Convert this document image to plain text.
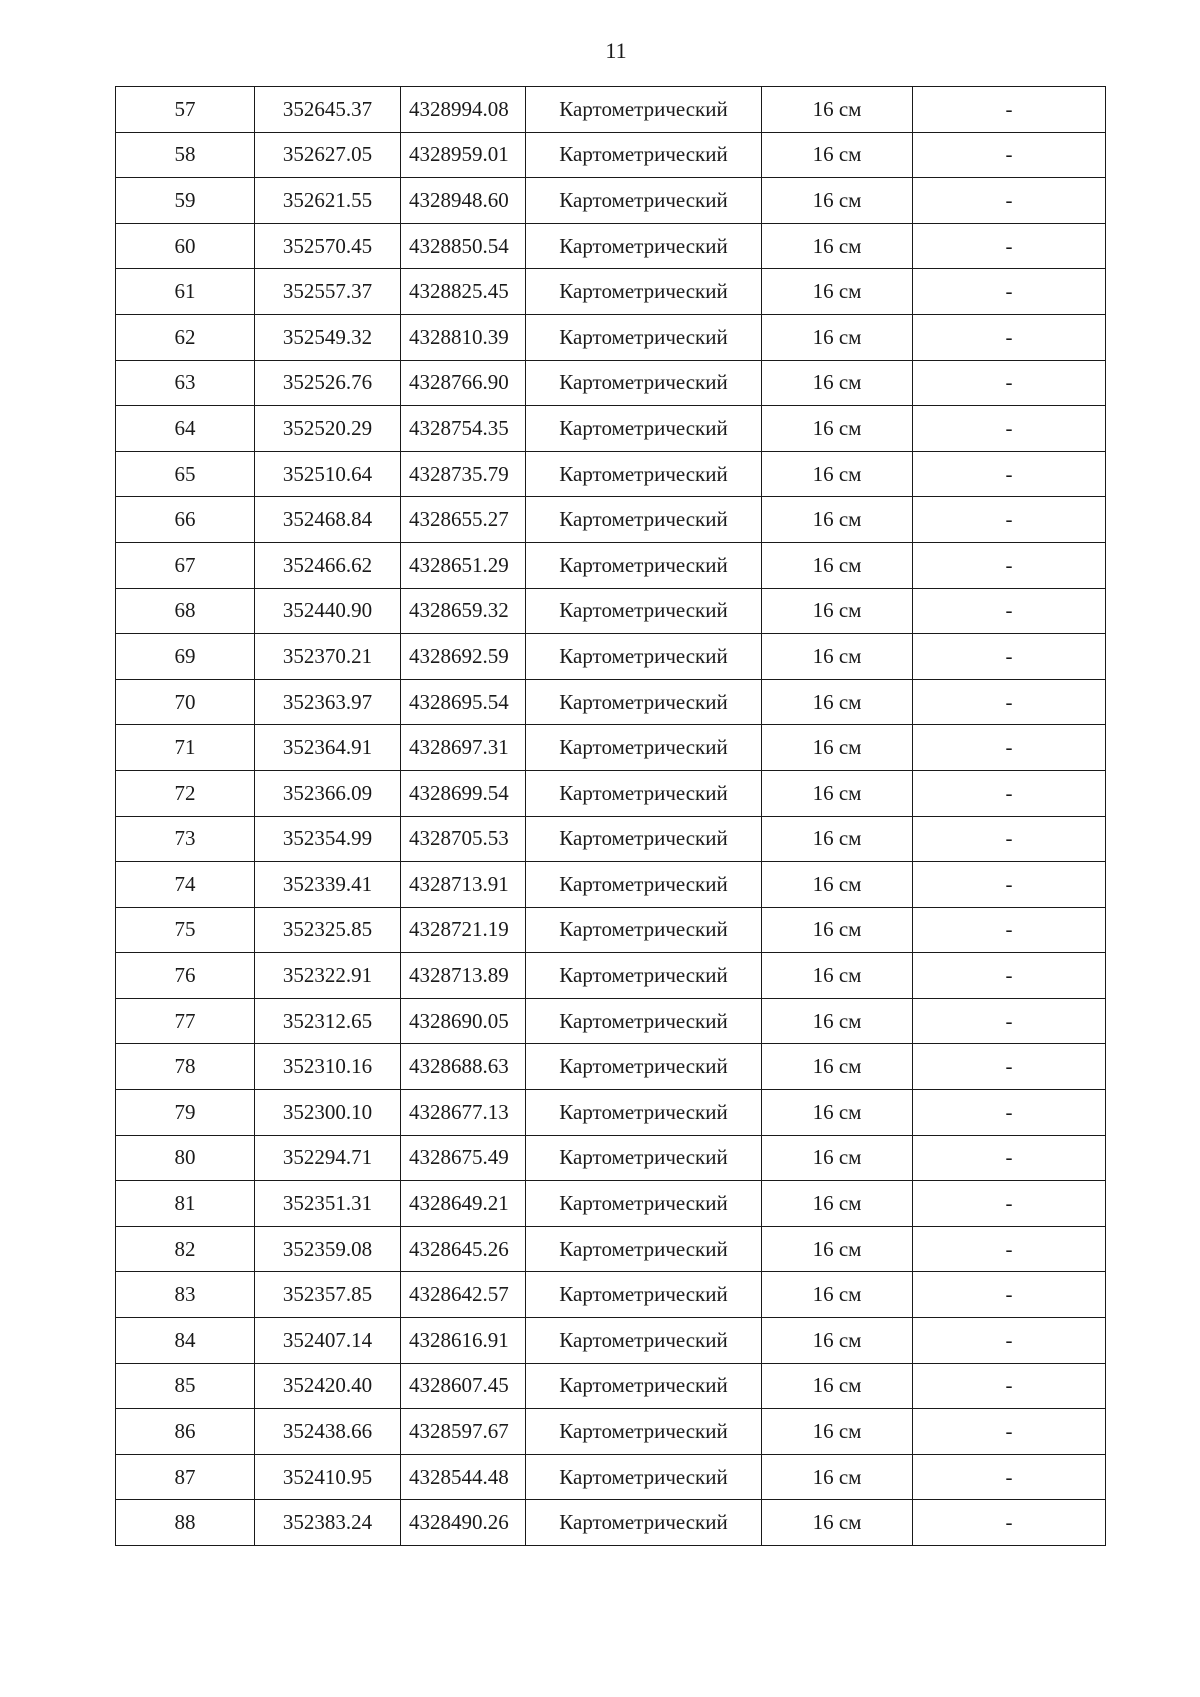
11
57	352645.37	4328994.08	Картометрический	16 см	-
58	352627.05	4328959.01	Картометрический	16 см	-
59	352621.55	4328948.60	Картометрический	16 см	-
60	352570.45	4328850.54	Картометрический	16 см	-
61	352557.37	4328825.45	Картометрический	16 см	-
62	352549.32	4328810.39	Картометрический	16 см	-
63	352526.76	4328766.90	Картометрический	16 см	-
64	352520.29	4328754.35	Картометрический	16 см	-
65	352510.64	4328735.79	Картометрический	16 см	-
66	352468.84	4328655.27	Картометрический	16 см	-
67	352466.62	4328651.29	Картометрический	16 см	-
68	352440.90	4328659.32	Картометрический	16 см	-
69	352370.21	4328692.59	Картометрический	16 см	-
70	352363.97	4328695.54	Картометрический	16 см	-
71	352364.91	4328697.31	Картометрический	16 см	-
72	352366.09	4328699.54	Картометрический	16 см	-
73	352354.99	4328705.53	Картометрический	16 см	-
74	352339.41	4328713.91	Картометрический	16 см	-
75	352325.85	4328721.19	Картометрический	16 см	-
76	352322.91	4328713.89	Картометрический	16 см	-
77	352312.65	4328690.05	Картометрический	16 см	-
78	352310.16	4328688.63	Картометрический	16 см	-
79	352300.10	4328677.13	Картометрический	16 см	-
80	352294.71	4328675.49	Картометрический	16 см	-
81	352351.31	4328649.21	Картометрический	16 см	-
82	352359.08	4328645.26	Картометрический	16 см	-
83	352357.85	4328642.57	Картометрический	16 см	-
84	352407.14	4328616.91	Картометрический	16 см	-
85	352420.40	4328607.45	Картометрический	16 см	-
86	352438.66	4328597.67	Картометрический	16 см	-
87	352410.95	4328544.48	Картометрический	16 см	-
88	352383.24	4328490.26	Картометрический	16 см	-
